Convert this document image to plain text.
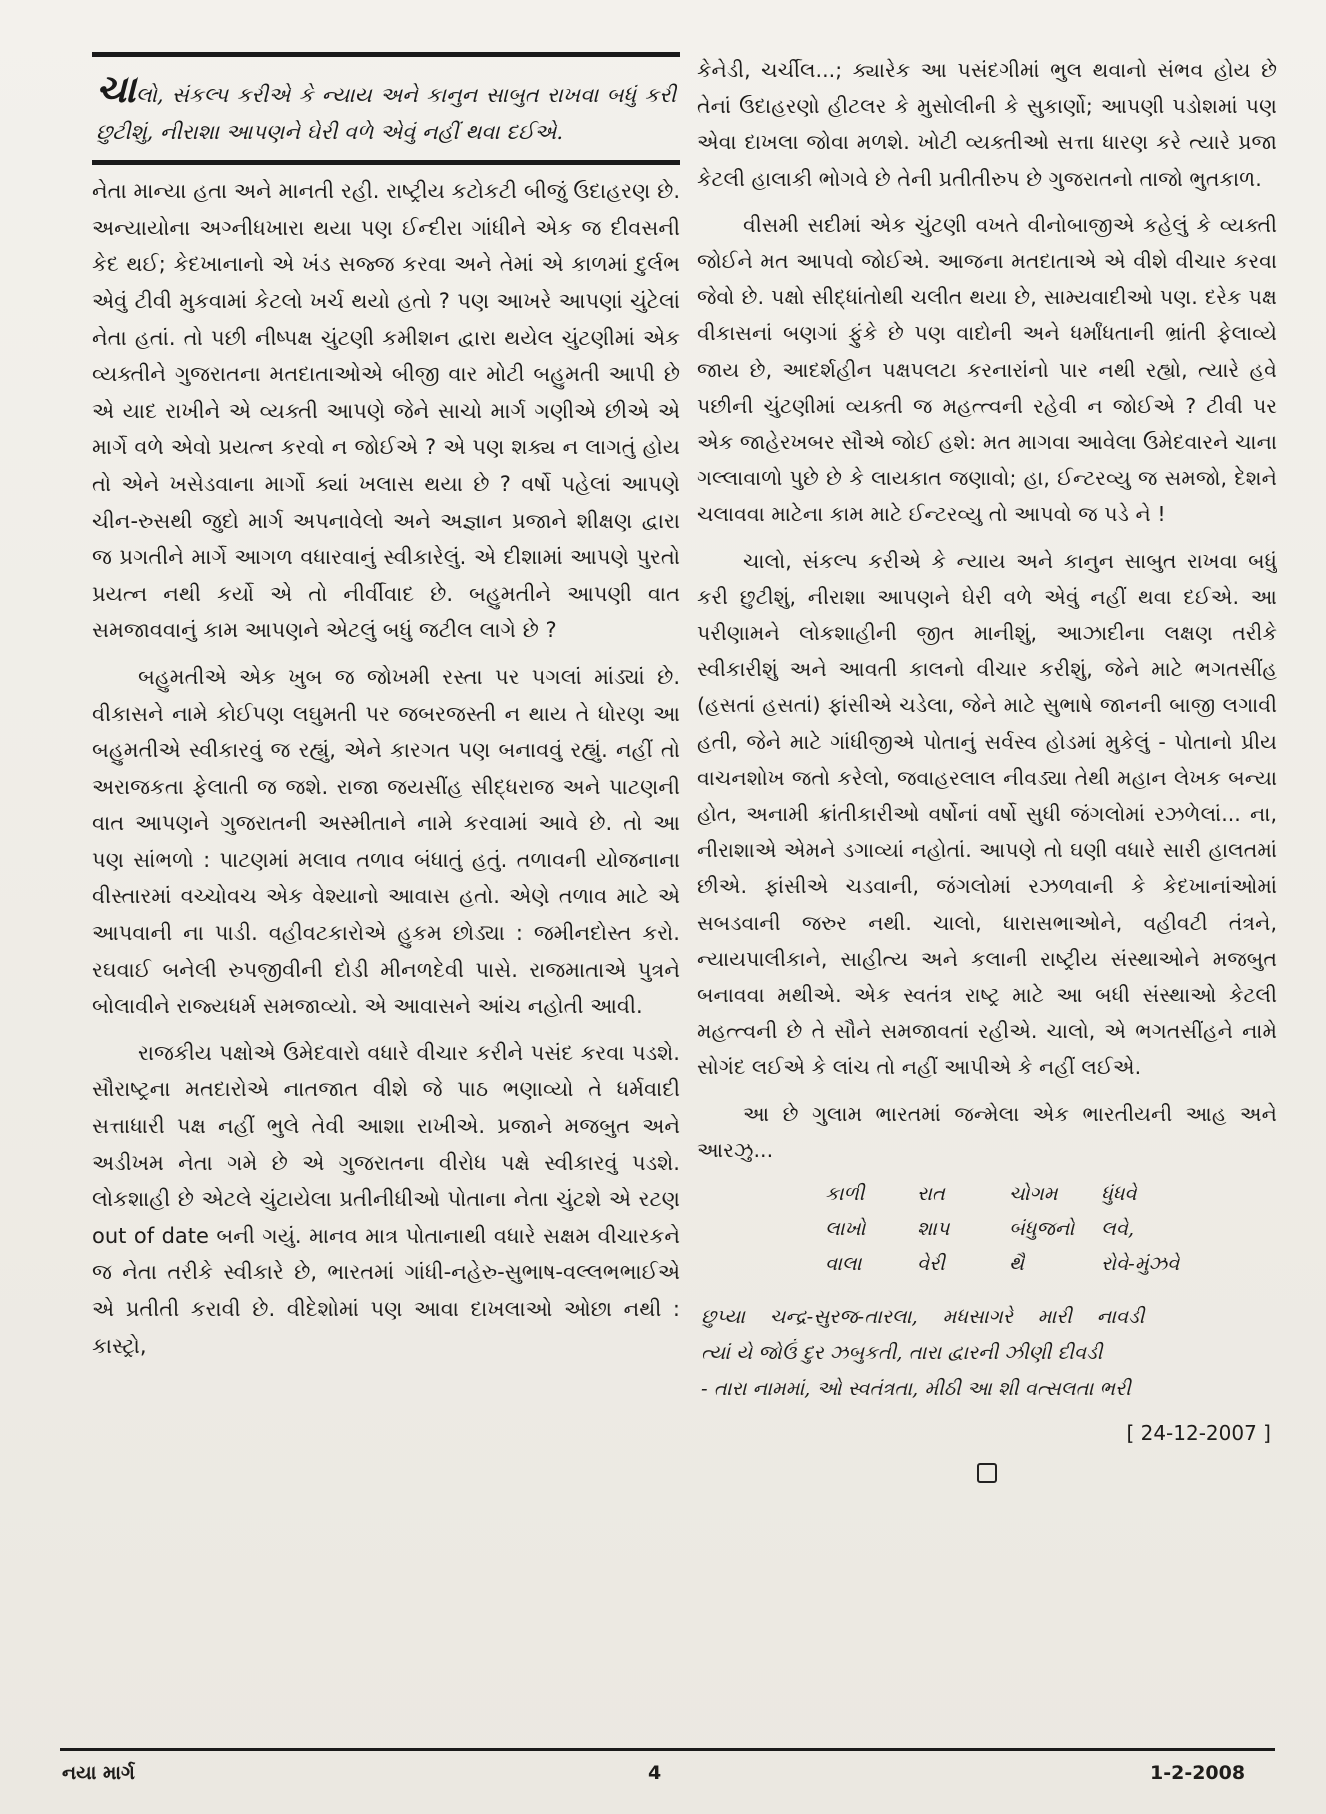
ચાલો, સંકલ્પ કરીએ કે ન્યાય અને કાનુન સાબુત રાખવા બધું કરી છુટીશું, નીરાશા આપણને ઘેરી વળે એવું નહીં થવા દઈએ.

નેતા માન્યા હતા અને માનતી રહી. રાષ્ટ્રીય કટોકટી બીજું ઉદાહરણ છે. અન્યાયોના અગ્નીધખારા થયા પણ ઈન્દીરા ગાંધીને એક જ દીવસની કેદ થઈ; કેદખાનાનો એ ખંડ સજ્જ કરવા અને તેમાં એ કાળમાં દુર્લભ એવું ટીવી મુકવામાં કેટલો ખર્ચ થયો હતો ? પણ આખરે આપણાં ચુંટેલાં નેતા હતાં. તો પછી નીષ્પક્ષ ચુંટણી કમીશન દ્વારા થયેલ ચુંટણીમાં એક વ્યક્તીને ગુજરાતના મતદાતાઓએ બીજી વાર મોટી બહુમતી આપી છે એ યાદ રાખીને એ વ્યક્તી આપણે જેને સાચો માર્ગ ગણીએ છીએ એ માર્ગે વળે એવો પ્રયત્ન કરવો ન જોઈએ ? એ પણ શક્ય ન લાગતું હોય તો એને ખસેડવાના માર્ગો ક્યાં ખલાસ થયા છે ? વર્ષો પહેલાં આપણે ચીન-રુસથી જુદો માર્ગ અપનાવેલો અને અજ્ઞાન પ્રજાને શીક્ષણ દ્વારા જ પ્રગતીને માર્ગે આગળ વધારવાનું સ્વીકારેલું. એ દીશામાં આપણે પુરતો પ્રયત્ન નથી કર્યો એ તો નીર્વીવાદ છે. બહુમતીને આપણી વાત સમજાવવાનું કામ આપણને એટલું બધું જટીલ લાગે છે ?

બહુમતીએ એક ખુબ જ જોખમી રસ્તા પર પગલાં માંડ્યાં છે. વીકાસને નામે કોઈપણ લઘુમતી પર જબરજસ્તી ન થાય તે ધોરણ આ બહુમતીએ સ્વીકારવું જ રહ્યું, એને કારગત પણ બનાવવું રહ્યું. નહીં તો અરાજકતા ફેલાતી જ જશે. રાજા જયસીંહ સીદ્ધરાજ અને પાટણની વાત આપણને ગુજરાતની અસ્મીતાને નામે કરવામાં આવે છે. તો આ પણ સાંભળો : પાટણમાં મલાવ તળાવ બંધાતું હતું. તળાવની યોજનાના વીસ્તારમાં વચ્ચોવચ એક વેશ્યાનો આવાસ હતો. એણે તળાવ માટે એ આપવાની ના પાડી. વહીવટકારોએ હુકમ છોડ્યા : જમીનદોસ્ત કરો. રઘવાઈ બનેલી રુપજીવીની દોડી મીનળદેવી પાસે. રાજમાતાએ પુત્રને બોલાવીને રાજ્યધર્મ સમજાવ્યો. એ આવાસને આંચ નહોતી આવી.

રાજકીય પક્ષોએ ઉમેદવારો વધારે વીચાર કરીને પસંદ કરવા પડશે. સૌરાષ્ટ્રના મતદારોએ નાતજાત વીશે જે પાઠ ભણાવ્યો તે ધર્મવાદી સત્તાધારી પક્ષ નહીં ભુલે તેવી આશા રાખીએ. પ્રજાને મજબુત અને અડીખમ નેતા ગમે છે એ ગુજરાતના વીરોધ પક્ષે સ્વીકારવું પડશે. લોકશાહી છે એટલે ચુંટાયેલા પ્રતીનીધીઓ પોતાના નેતા ચુંટશે એ રટણ out of date બની ગયું. માનવ માત્ર પોતાનાથી વધારે સક્ષમ વીચારકને જ નેતા તરીકે સ્વીકારે છે, ભારતમાં ગાંધી-નહેરુ-સુભાષ-વલ્લભભાઈએ એ પ્રતીતી કરાવી છે. વીદેશોમાં પણ આવા દાખલાઓ ઓછા નથી : કાસ્ટ્રો,

કેનેડી, ચર્ચીલ...; ક્યારેક આ પસંદગીમાં ભુલ થવાનો સંભવ હોય છે તેનાં ઉદાહરણો હીટલર કે મુસોલીની કે સુકાર્ણો; આપણી પડોશમાં પણ એવા દાખલા જોવા મળશે. ખોટી વ્યક્તીઓ સત્તા ધારણ કરે ત્યારે પ્રજા કેટલી હાલાકી ભોગવે છે તેની પ્રતીતીરુપ છે ગુજરાતનો તાજો ભુતકાળ.

વીસમી સદીમાં એક ચુંટણી વખતે વીનોબાજીએ કહેલું કે વ્યક્તી જોઈને મત આપવો જોઈએ. આજના મતદાતાએ એ વીશે વીચાર કરવા જેવો છે. પક્ષો સીદ્ધાંતોથી ચલીત થયા છે, સામ્યવાદીઓ પણ. દરેક પક્ષ વીકાસનાં બણગાં ફુંકે છે પણ વાદોની અને ધર્માંધતાની ભ્રાંતી ફેલાવ્યે જાય છે, આદર્શહીન પક્ષપલટા કરનારાંનો પાર નથી રહ્યો, ત્યારે હવે પછીની ચુંટણીમાં વ્યક્તી જ મહત્ત્વની રહેવી ન જોઈએ ? ટીવી પર એક જાહેરખબર સૌએ જોઈ હશે: મત માગવા આવેલા ઉમેદવારને ચાના ગલ્લાવાળો પુછે છે કે લાયકાત જણાવો; હા, ઈન્ટરવ્યુ જ સમજો, દેશને ચલાવવા માટેના કામ માટે ઈન્ટરવ્યુ તો આપવો જ પડે ને !

ચાલો, સંકલ્પ કરીએ કે ન્યાય અને કાનુન સાબુત રાખવા બધું કરી છુટીશું, નીરાશા આપણને ઘેરી વળે એવું નહીં થવા દઈએ. આ પરીણામને લોકશાહીની જીત માનીશું, આઝાદીના લક્ષણ તરીકે સ્વીકારીશું અને આવતી કાલનો વીચાર કરીશું, જેને માટે ભગતસીંહ (હસતાં હસતાં) ફાંસીએ ચડેલા, જેને માટે સુભાષે જાનની બાજી લગાવી હતી, જેને માટે ગાંધીજીએ પોતાનું સર્વસ્વ હોડમાં મુકેલું - પોતાનો પ્રીય વાચનશોખ જતો કરેલો, જવાહરલાલ નીવડ્યા તેથી મહાન લેખક બન્યા હોત, અનામી ક્રાંતીકારીઓ વર્ષોનાં વર્ષો સુધી જંગલોમાં રઝળેલાં... ના, નીરાશાએ એમને ડગાવ્યાં નહોતાં. આપણે તો ઘણી વધારે સારી હાલતમાં છીએ. ફાંસીએ ચડવાની, જંગલોમાં રઝળવાની કે કેદખાનાંઓમાં સબડવાની જરુર નથી. ચાલો, ધારાસભાઓને, વહીવટી તંત્રને, ન્યાયપાલીકાને, સાહીત્ય અને કલાની રાષ્ટ્રીય સંસ્થાઓને મજબુત બનાવવા મથીએ. એક સ્વતંત્ર રાષ્ટ્ર માટે આ બધી સંસ્થાઓ કેટલી મહત્ત્વની છે તે સૌને સમજાવતાં રહીએ. ચાલો, એ ભગતસીંહને નામે સોગંદ લઈએ કે લાંચ તો નહીં આપીએ કે નહીં લઈએ.

આ છે ગુલામ ભારતમાં જન્મેલા એક ભારતીયની આહ અને આરઝુ...

કાળી	રાત	ચોગમ	ધુંધવે
લાખો	શાપ	બંધુજનો	લવે,
વાલા	વેરી	થૈ	રોવે-મુંઝવે
છુપ્યા    ચન્દ્ર-સુરજ-તારલા,    મધસાગરે    મારી    નાવડી
ત્યાં યે જોઉં દુર ઝબુકતી, તારા દ્વારની ઝીણી દીવડી
- તારા નામમાં, ઓ સ્વતંત્રતા, મીઠી આ શી વત્સલતા ભરી
[ 24-12-2007 ]
નયા માર્ગ	4	1-2-2008
